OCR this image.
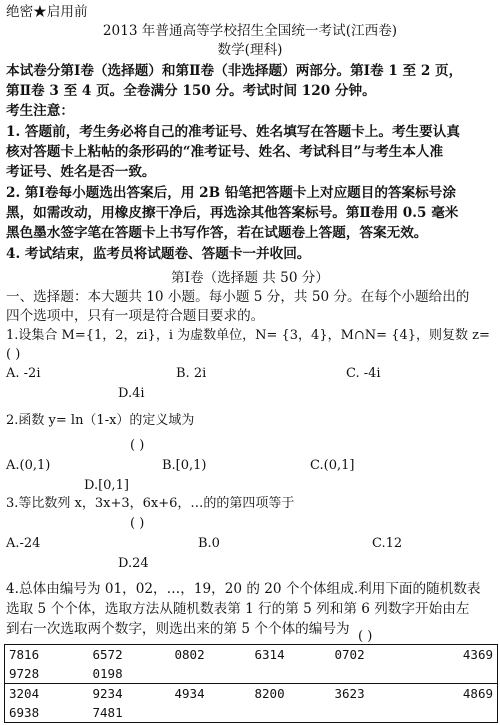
绝密★启用前
2013 年普通高等学校招生全国统一考试(江西卷)
数学(理科)
本试卷分第Ⅰ卷（选择题）和第Ⅱ卷（非选择题）两部分。第Ⅰ卷 1 至 2 页，
第Ⅱ卷 3 至 4 页。全卷满分 150 分。考试时间 120 分钟。
考生注意：
1. 答题前，考生务必将自己的准考证号、姓名填写在答题卡上。考生要认真
核对答题卡上粘帖的条形码的“准考证号、姓名、考试科目”与考生本人准
考证号、姓名是否一致。
2. 第Ⅰ卷每小题选出答案后，用 2B 铅笔把答题卡上对应题目的答案标号涂
黑，如需改动，用橡皮擦干净后，再选涂其他答案标号。第Ⅱ卷用 0.5 毫米
黑色墨水签字笔在答题卡上书写作答，若在试题卷上答题，答案无效。
4. 考试结束，监考员将试题卷、答题卡一并收回。
第Ⅰ卷（选择题 共 50 分）
一、选择题：本大题共 10 小题。每小题 5 分，共 50 分。在每个小题给出的
四个选项中，只有一项是符合题目要求的。
1.设集合 M={1，2，zi}，i 为虚数单位，N= {3，4}，M∩N= {4}，则复数 z=
( )
A. -2i	B. 2i	C. -4i
D.4i
2.函数 y= ln（1-x）的定义域为
( )
A.(0,1)	B.[0,1)	C.(0,1]
D.[0,1]
3.等比数列 x，3x+3，6x+6，…的的第四项等于
( )
A.-24	B.0	C.12
D.24
4.总体由编号为 01，02，…，19，20 的 20 个个体组成.利用下面的随机数表
选取 5 个个体，选取方法从随机数表第 1 行的第 5 列和第 6 列数字开始由左
到右一次选取两个数字，则选出来的第 5 个个体的编号为 ( )
7816	6572	0802	6314	0702	4369
9728	0198				
3204	9234	4934	8200	3623	4869
6938	7481				
